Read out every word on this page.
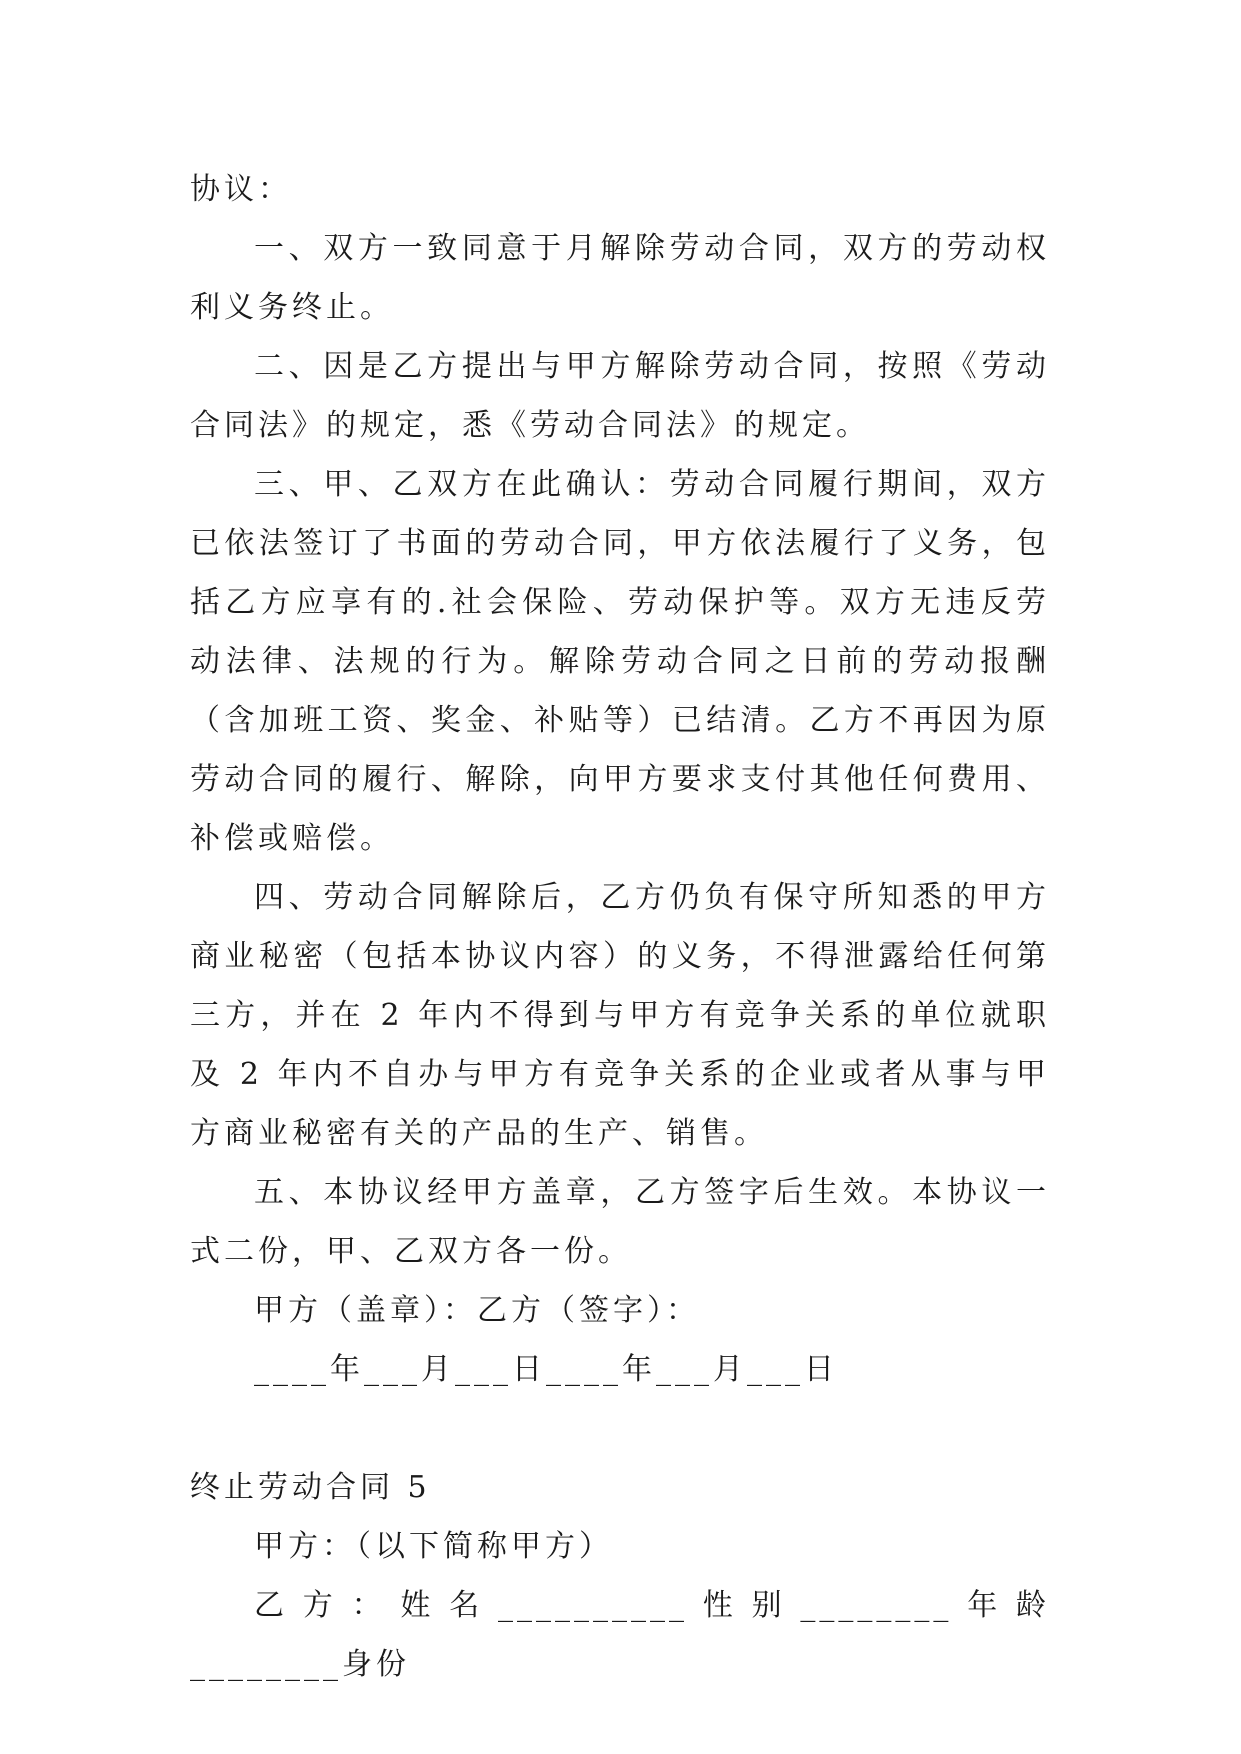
协议：

一、双方一致同意于月解除劳动合同，双方的劳动权利义务终止。

二、因是乙方提出与甲方解除劳动合同，按照《劳动合同法》的规定，悉《劳动合同法》的规定。

三、甲、乙双方在此确认：劳动合同履行期间，双方已依法签订了书面的劳动合同，甲方依法履行了义务，包括乙方应享有的.社会保险、劳动保护等。双方无违反劳动法律、法规的行为。解除劳动合同之日前的劳动报酬（含加班工资、奖金、补贴等）已结清。乙方不再因为原劳动合同的履行、解除，向甲方要求支付其他任何费用、补偿或赔偿。

四、劳动合同解除后，乙方仍负有保守所知悉的甲方商业秘密（包括本协议内容）的义务，不得泄露给任何第三方，并在 2 年内不得到与甲方有竞争关系的单位就职及 2 年内不自办与甲方有竞争关系的企业或者从事与甲方商业秘密有关的产品的生产、销售。

五、本协议经甲方盖章，乙方签字后生效。本协议一式二份，甲、乙双方各一份。

甲方（盖章）：乙方（签字）：

____年___月___日____年___月___日

终止劳动合同 5

甲方：（以下简称甲方）

乙方：姓名__________性别________年龄________身份
